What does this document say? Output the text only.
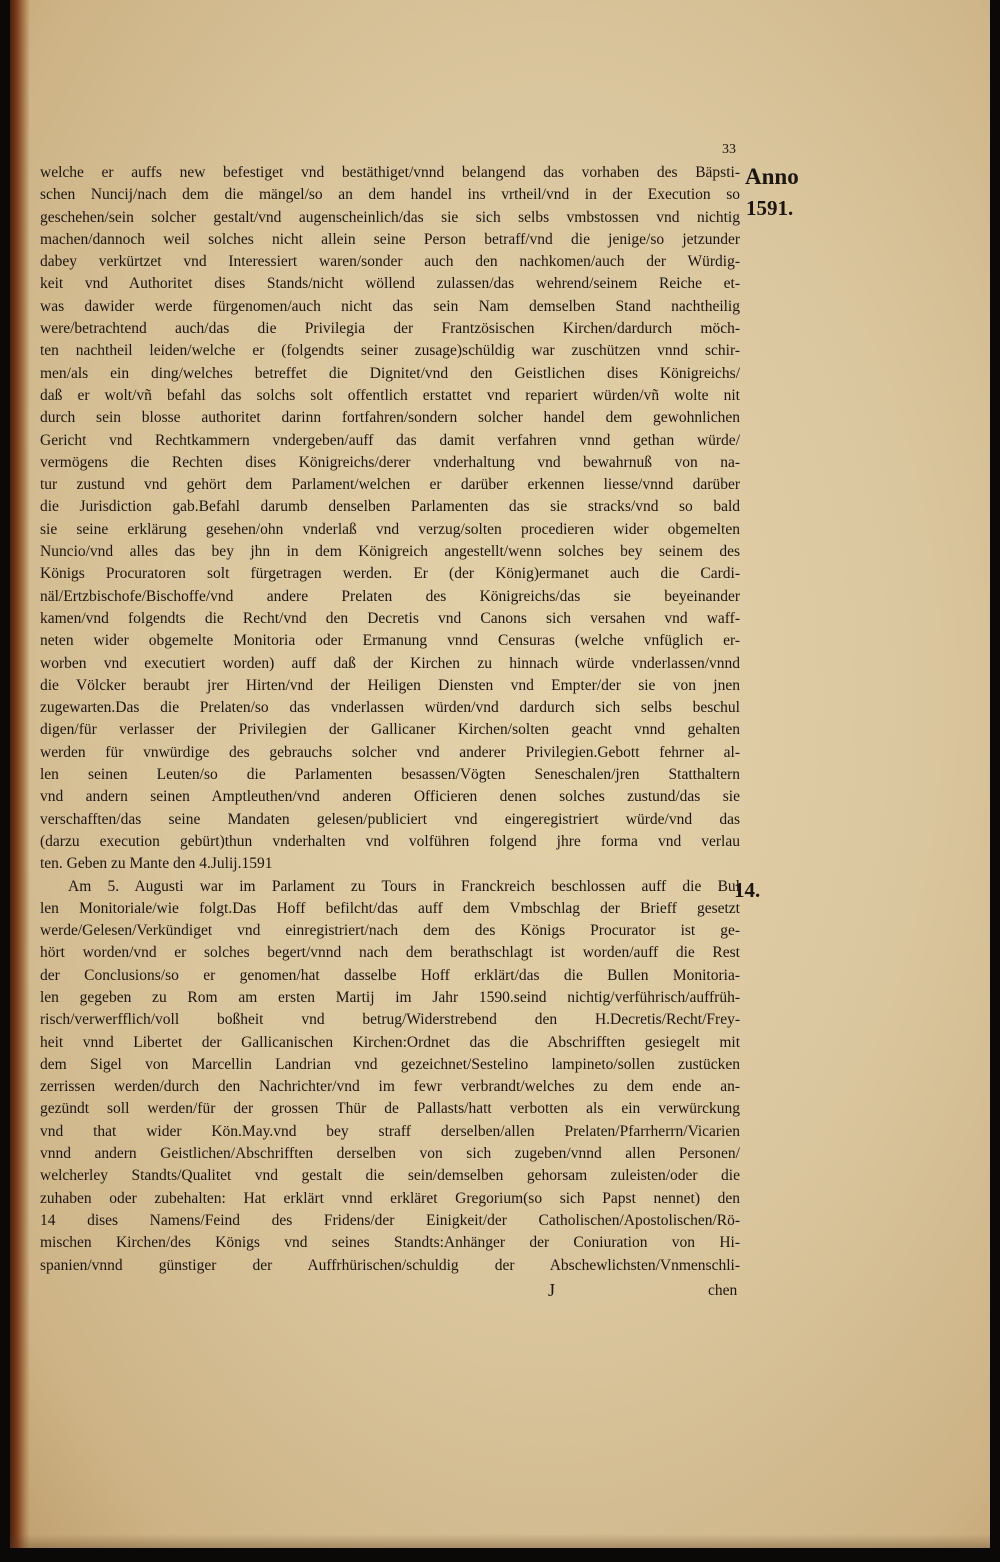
33
Anno
1591.
14.
welche er auffs new befestiget vnd bestäthiget/vnnd belangend das vorhaben des Bäpsti-
schen Nuncij/nach dem die mängel/so an dem handel ins vrtheil/vnd in der Execution so
geschehen/sein solcher gestalt/vnd augenscheinlich/das sie sich selbs vmbstossen vnd nichtig
machen/dannoch weil solches nicht allein seine Person betraff/vnd die jenige/so jetzunder
dabey verkürtzet vnd Interessiert waren/sonder auch den nachkomen/auch der Würdig-
keit vnd Authoritet dises Stands/nicht wöllend zulassen/das wehrend/seinem Reiche et-
was dawider werde fürgenomen/auch nicht das sein Nam demselben Stand nachtheilig
were/betrachtend auch/das die Privilegia der Frantzösischen Kirchen/dardurch möch-
ten nachtheil leiden/welche er (folgendts seiner zusage)schüldig war zuschützen vnnd schir-
men/als ein ding/welches betreffet die Dignitet/vnd den Geistlichen dises Königreichs/
daß er wolt/vñ befahl das solchs solt offentlich erstattet vnd repariert würden/vñ wolte nit
durch sein blosse authoritet darinn fortfahren/sondern solcher handel dem gewohnlichen
Gericht vnd Rechtkammern vndergeben/auff das damit verfahren vnnd gethan würde/
vermögens die Rechten dises Königreichs/derer vnderhaltung vnd bewahrnuß von na-
tur zustund vnd gehört dem Parlament/welchen er darüber erkennen liesse/vnnd darüber
die Jurisdiction gab.Befahl darumb denselben Parlamenten das sie stracks/vnd so bald
sie seine erklärung gesehen/ohn vnderlaß vnd verzug/solten procedieren wider obgemelten
Nuncio/vnd alles das bey jhn in dem Königreich angestellt/wenn solches bey seinem des
Königs Procuratoren solt fürgetragen werden. Er (der König)ermanet auch die Cardi-
näl/Ertzbischofe/Bischoffe/vnd andere Prelaten des Königreichs/das sie beyeinander
kamen/vnd folgendts die Recht/vnd den Decretis vnd Canons sich versahen vnd waff-
neten wider obgemelte Monitoria oder Ermanung vnnd Censuras (welche vnfüglich er-
worben vnd executiert worden) auff daß der Kirchen zu hinnach würde vnderlassen/vnnd
die Völcker beraubt jrer Hirten/vnd der Heiligen Diensten vnd Empter/der sie von jnen
zugewarten.Das die Prelaten/so das vnderlassen würden/vnd dardurch sich selbs beschul
digen/für verlasser der Privilegien der Gallicaner Kirchen/solten geacht vnnd gehalten
werden für vnwürdige des gebrauchs solcher vnd anderer Privilegien.Gebott fehrner al-
len seinen Leuten/so die Parlamenten besassen/Vögten Seneschalen/jren Statthaltern
vnd andern seinen Amptleuthen/vnd anderen Officieren denen solches zustund/das sie
verschafften/das seine Mandaten gelesen/publiciert vnd eingeregistriert würde/vnd das
(darzu execution gebürt)thun vnderhalten vnd volführen folgend jhre forma vnd verlau
ten. Geben zu Mante den 4.Julij.1591
Am 5. Augusti war im Parlament zu Tours in Franckreich beschlossen auff die Bul
len Monitoriale/wie folgt.Das Hoff befilcht/das auff dem Vmbschlag der Brieff gesetzt
werde/Gelesen/Verkündiget vnd einregistriert/nach dem des Königs Procurator ist ge-
hört worden/vnd er solches begert/vnnd nach dem berathschlagt ist worden/auff die Rest
der Conclusions/so er genomen/hat dasselbe Hoff erklärt/das die Bullen Monitoria-
len gegeben zu Rom am ersten Martij im Jahr 1590.seind nichtig/verführisch/auffrüh-
risch/verwerfflich/voll boßheit vnd betrug/Widerstrebend den H.Decretis/Recht/Frey-
heit vnnd Libertet der Gallicanischen Kirchen:Ordnet das die Abschrifften gesiegelt mit
dem Sigel von Marcellin Landrian vnd gezeichnet/Sestelino lampineto/sollen zustücken
zerrissen werden/durch den Nachrichter/vnd im fewr verbrandt/welches zu dem ende an-
gezündt soll werden/für der grossen Thür de Pallasts/hatt verbotten als ein verwürckung
vnd that wider Kön.May.vnd bey straff derselben/allen Prelaten/Pfarrherrn/Vicarien
vnnd andern Geistlichen/Abschrifften derselben von sich zugeben/vnnd allen Personen/
welcherley Standts/Qualitet vnd gestalt die sein/demselben gehorsam zuleisten/oder die
zuhaben oder zubehalten: Hat erklärt vnnd erkläret Gregorium(so sich Papst nennet) den
14 dises Namens/Feind des Fridens/der Einigkeit/der Catholischen/Apostolischen/Rö-
mischen Kirchen/des Königs vnd seines Standts:Anhänger der Coniuration von Hi-
spanien/vnnd günstiger der Auffrhürischen/schuldig der Abschewlichsten/Vnmenschli-
J	chen
